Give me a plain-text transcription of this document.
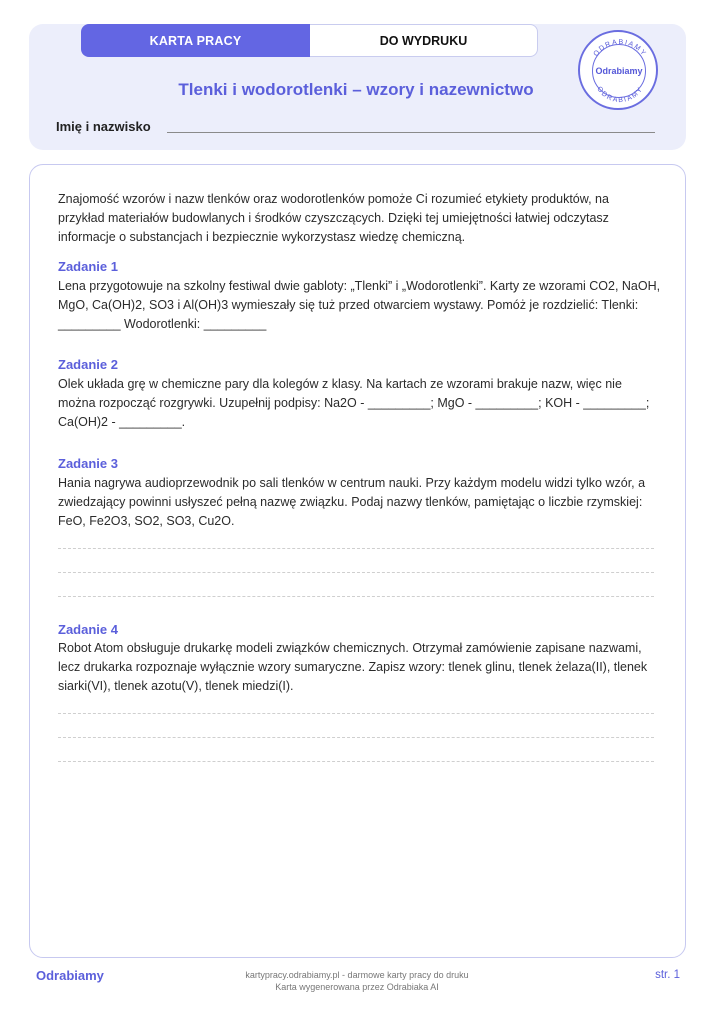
KARTA PRACY	DO WYDRUKU
ODRABIAMY
ODRABIAMY
Odrabiamy
Tlenki i wodorotlenki – wzory i nazewnictwo
Imię i nazwisko
Znajomość wzorów i nazw tlenków oraz wodorotlenków pomoże Ci rozumieć etykiety produktów, na przykład materiałów budowlanych i środków czyszczących. Dzięki tej umiejętności łatwiej odczytasz informacje o substancjach i bezpiecznie wykorzystasz wiedzę chemiczną.
Zadanie 1
Lena przygotowuje na szkolny festiwal dwie gabloty: „Tlenki” i „Wodorotlenki”. Karty ze wzorami CO2, NaOH, MgO, Ca(OH)2, SO3 i Al(OH)3 wymieszały się tuż przed otwarciem wystawy. Pomóż je rozdzielić: Tlenki: _________ Wodorotlenki: _________
Zadanie 2
Olek układa grę w chemiczne pary dla kolegów z klasy. Na kartach ze wzorami brakuje nazw, więc nie można rozpocząć rozgrywki. Uzupełnij podpisy: Na2O - _________; MgO - _________; KOH - _________; Ca(OH)2 - _________.
Zadanie 3
Hania nagrywa audioprzewodnik po sali tlenków w centrum nauki. Przy każdym modelu widzi tylko wzór, a zwiedzający powinni usłyszeć pełną nazwę związku. Podaj nazwy tlenków, pamiętając o liczbie rzymskiej: FeO, Fe2O3, SO2, SO3, Cu2O.
Zadanie 4
Robot Atom obsługuje drukarkę modeli związków chemicznych. Otrzymał zamówienie zapisane nazwami, lecz drukarka rozpoznaje wyłącznie wzory sumaryczne. Zapisz wzory: tlenek glinu, tlenek żelaza(II), tlenek siarki(VI), tlenek azotu(V), tlenek miedzi(I).
Odrabiamy	kartypracy.odrabiamy.pl - darmowe karty pracy do druku
Karta wygenerowana przez Odrabiaka AI
str. 1
